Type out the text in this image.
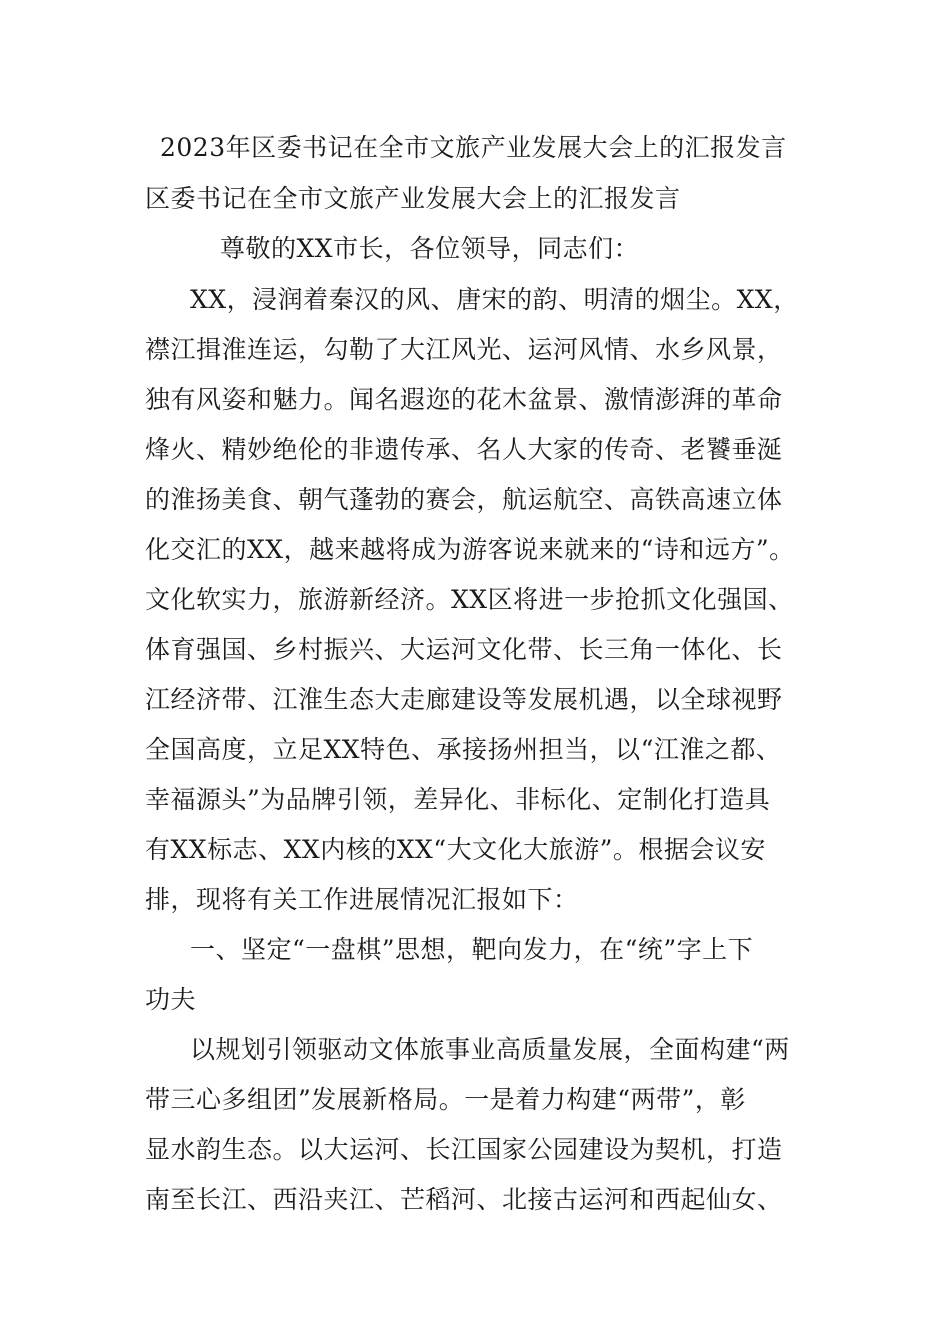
2023年区委书记在全市文旅产业发展大会上的汇报发言
区委书记在全市文旅产业发展大会上的汇报发言
尊敬的XX市长，各位领导，同志们：
XX，浸润着秦汉的风、唐宋的韵、明清的烟尘。XX，
襟江揖淮连运，勾勒了大江风光、运河风情、水乡风景，
独有风姿和魅力。闻名遐迩的花木盆景、激情澎湃的革命
烽火、精妙绝伦的非遗传承、名人大家的传奇、老饕垂涎
的淮扬美食、朝气蓬勃的赛会，航运航空、高铁高速立体
化交汇的XX，越来越将成为游客说来就来的“诗和远方”。
文化软实力，旅游新经济。XX区将进一步抢抓文化强国、
体育强国、乡村振兴、大运河文化带、长三角一体化、长
江经济带、江淮生态大走廊建设等发展机遇，以全球视野
全国高度，立足XX特色、承接扬州担当，以“江淮之都、
幸福源头”为品牌引领，差异化、非标化、定制化打造具
有XX标志、XX内核的XX“大文化大旅游”。根据会议安
排，现将有关工作进展情况汇报如下：
一、坚定“一盘棋”思想，靶向发力，在“统”字上下
功夫
以规划引领驱动文体旅事业高质量发展，全面构建“两
带三心多组团”发展新格局。一是着力构建“两带”，彰
显水韵生态。以大运河、长江国家公园建设为契机，打造
南至长江、西沿夹江、芒稻河、北接古运河和西起仙女、
